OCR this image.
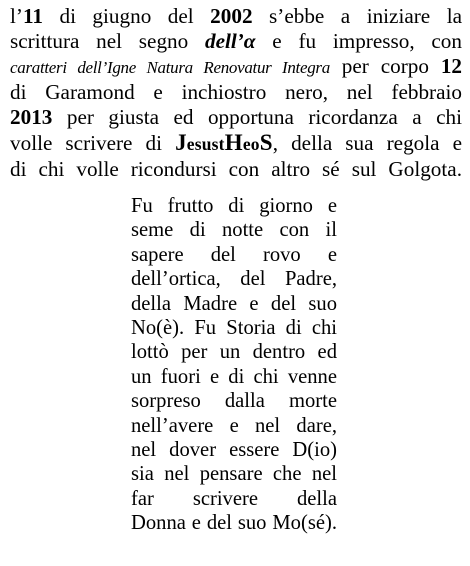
l’11 di giugno del 2002 s’ebbe a iniziare la
scrittura nel segno dell’α e fu impresso, con
caratteri dell’Igne Natura Renovatur Integra per corpo 12
di Garamond e inchiostro nero, nel febbraio
2013 per giusta ed opportuna ricordanza a chi
volle scrivere di JesustHeoS, della sua regola e
di chi volle ricondursi con altro sé sul Golgota.
Fu frutto di giorno e
seme di notte con il
sapere del rovo e
dell’ortica, del Padre,
della Madre e del suo
No(è). Fu Storia di chi
lottò per un dentro ed
un fuori e di chi venne
sorpreso dalla morte
nell’avere e nel dare,
nel dover essere D(io)
sia nel pensare che nel
far scrivere della
Donna e del suo Mo(sé).
